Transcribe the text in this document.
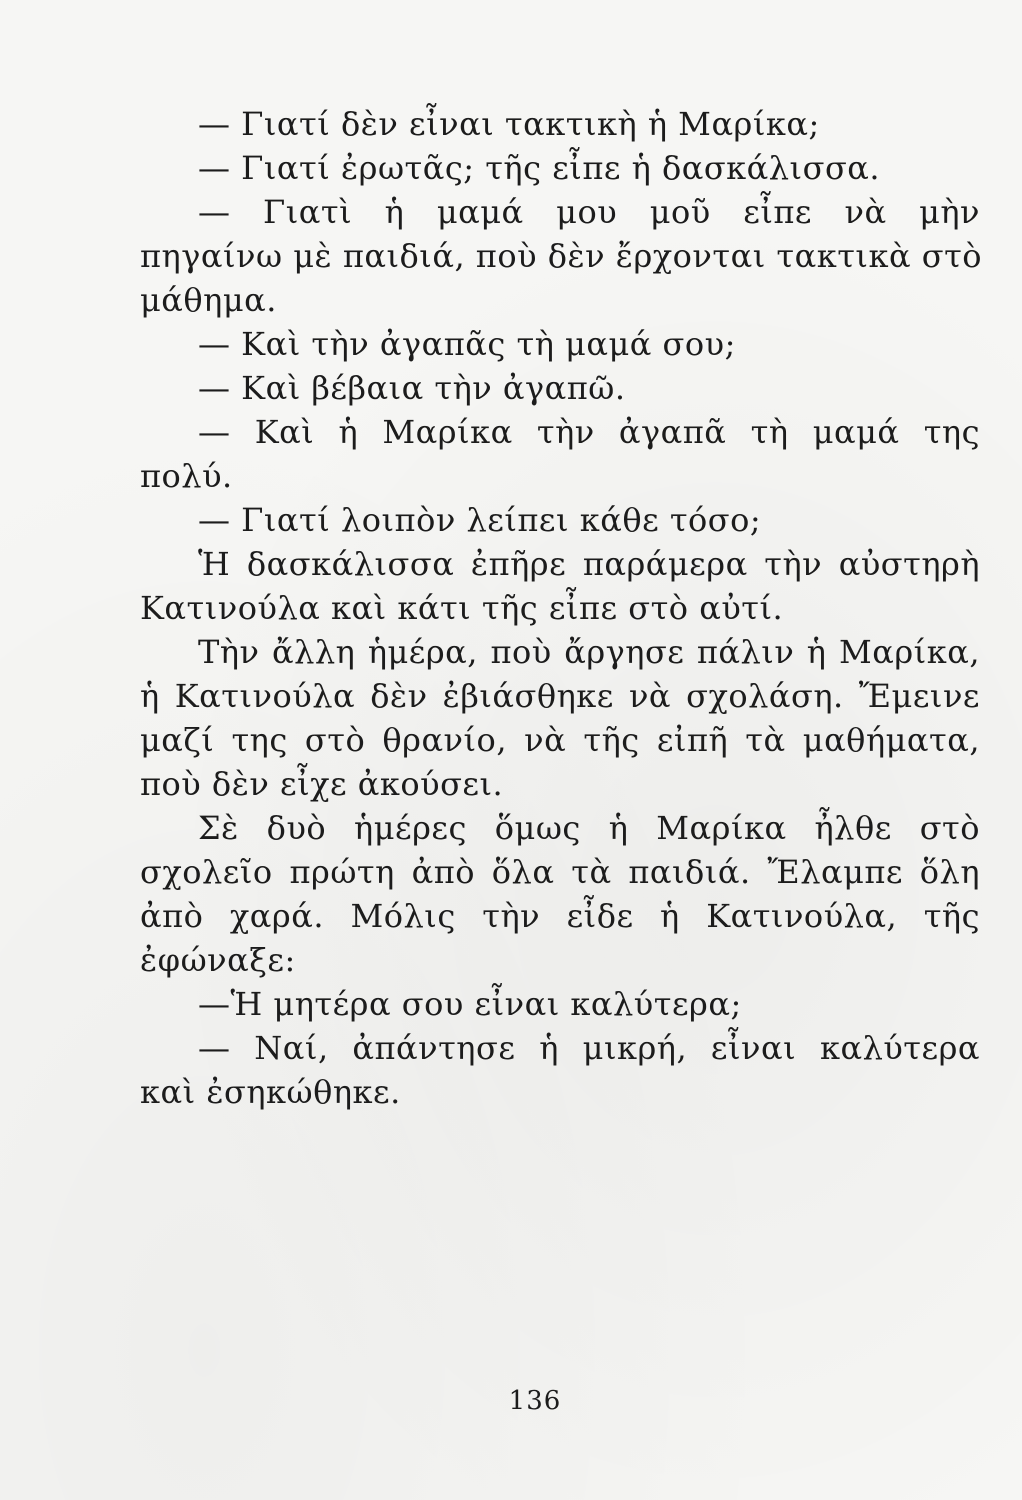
— Γιατί δὲν εἶναι τακτικὴ ἡ Μαρίκα;
— Γιατί ἐρωτᾶς; τῆς εἶπε ἡ δασκάλισσα.
— Γιατὶ ἡ μαμά μου μοῦ εἶπε νὰ μὴν
πηγαίνω μὲ παιδιά, ποὺ δὲν ἔρχονται τακτικὰ στὸ
μάθημα.
— Καὶ τὴν ἀγαπᾶς τὴ μαμά σου;
— Καὶ βέβαια τὴν ἀγαπῶ.
— Καὶ ἡ Μαρίκα τὴν ἀγαπᾶ τὴ μαμά της
πολύ.
— Γιατί λοιπὸν λείπει κάθε τόσο;
Ἡ δασκάλισσα ἐπῆρε παράμερα τὴν αὐστηρὴ
Κατινούλα καὶ κάτι τῆς εἶπε στὸ αὐτί.
Τὴν ἄλλη ἡμέρα, ποὺ ἄργησε πάλιν ἡ Μαρίκα,
ἡ Κατινούλα δὲν ἐβιάσθηκε νὰ σχολάση. Ἔμεινε
μαζί της στὸ θρανίο, νὰ τῆς εἰπῆ τὰ μαθήματα,
ποὺ δὲν εἶχε ἀκούσει.
Σὲ δυὸ ἡμέρες ὅμως ἡ Μαρίκα ἦλθε στὸ
σχολεῖο πρώτη ἀπὸ ὅλα τὰ παιδιά. Ἔλαμπε ὅλη
ἀπὸ χαρά. Μόλις τὴν εἶδε ἡ Κατινούλα, τῆς
ἐφώναξε:
—Ἡ μητέρα σου εἶναι καλύτερα;
— Ναί, ἀπάντησε ἡ μικρή, εἶναι καλύτερα
καὶ ἐσηκώθηκε.
136
